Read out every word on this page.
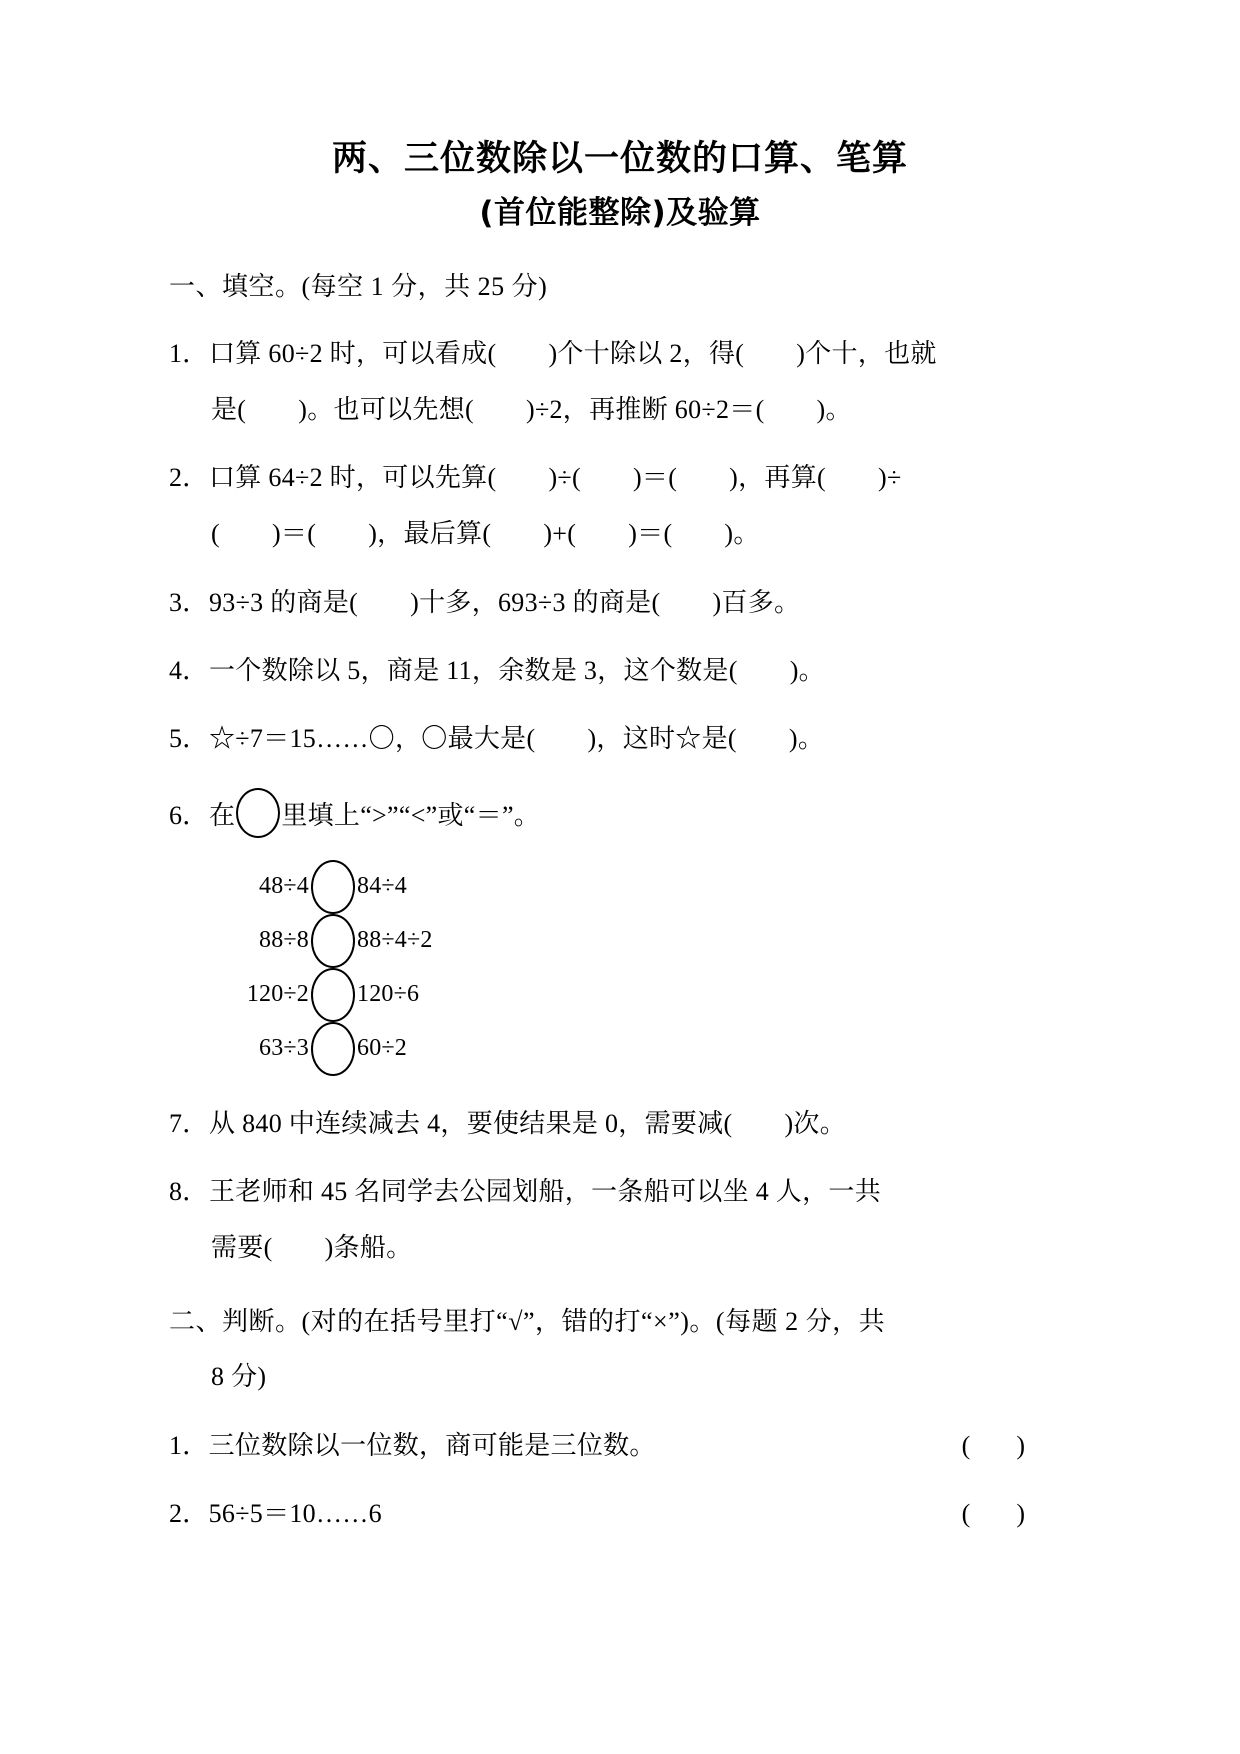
两、三位数除以一位数的口算、笔算
(首位能整除)及验算
一、填空。(每空 1 分，共 25 分)
1．口算 60÷2 时，可以看成( )个十除以 2，得( )个十，也就
是( )。也可以先想( )÷2，再推断 60÷2＝( )。
2．口算 64÷2 时，可以先算( )÷( )＝( )，再算( )÷
( )＝( )，最后算( )+( )＝( )。
3．93÷3 的商是( )十多，693÷3 的商是( )百多。
4．一个数除以 5，商是 11，余数是 3，这个数是( )。
5．☆÷7＝15……〇，〇最大是( )，这时☆是( )。
6．在 里填上“>”“<”或“＝”。
48÷4 84÷4
88÷8 88÷4÷2
120÷2 120÷6
63÷3 60÷2
7．从 840 中连续减去 4，要使结果是 0，需要减( )次。
8．王老师和 45 名同学去公园划船，一条船可以坐 4 人，一共
需要( )条船。
二、判断。(对的在括号里打“√”，错的打“×”)。(每题 2 分，共
8 分)
1． 三位数除以一位数，商可能是三位数。	( )
2． 56÷5＝10……6	( )
